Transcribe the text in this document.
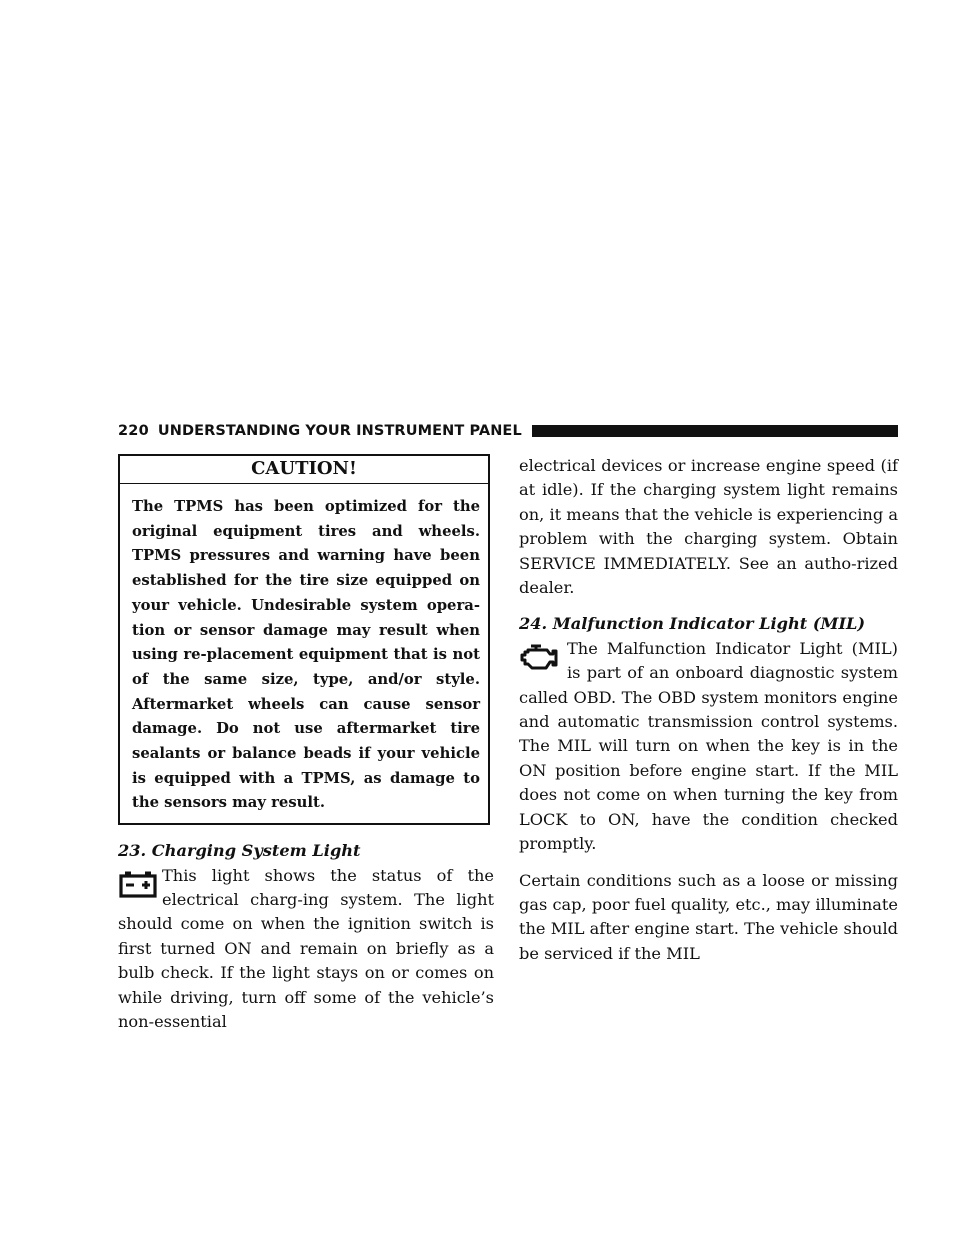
220 UNDERSTANDING YOUR INSTRUMENT PANEL
CAUTION!
The TPMS has been optimized for the original equipment tires and wheels. TPMS pressures and warning have been established for the tire size equipped on your vehicle. Undesirable system opera-tion or sensor damage may result when using re-placement equipment that is not of the same size, type, and/or style. Aftermarket wheels can cause sensor damage. Do not use aftermarket tire sealants or balance beads if your vehicle is equipped with a TPMS, as damage to the sensors may result.
23. Charging System Light

This light shows the status of the electrical charg-ing system. The light should come on when the ignition switch is first turned ON and remain on briefly as a bulb check. If the light stays on or comes on while driving, turn off some of the vehicle’s non-essential

electrical devices or increase engine speed (if at idle). If the charging system light remains on, it means that the vehicle is experiencing a problem with the charging system. Obtain SERVICE IMMEDIATELY. See an autho-rized dealer.

24. Malfunction Indicator Light (MIL)

The Malfunction Indicator Light (MIL) is part of an onboard diagnostic system called OBD. The OBD system monitors engine and automatic transmission control systems. The MIL will turn on when the key is in the ON position before engine start. If the MIL does not come on when turning the key from LOCK to ON, have the condition checked promptly.

Certain conditions such as a loose or missing gas cap, poor fuel quality, etc., may illuminate the MIL after engine start. The vehicle should be serviced if the MIL
